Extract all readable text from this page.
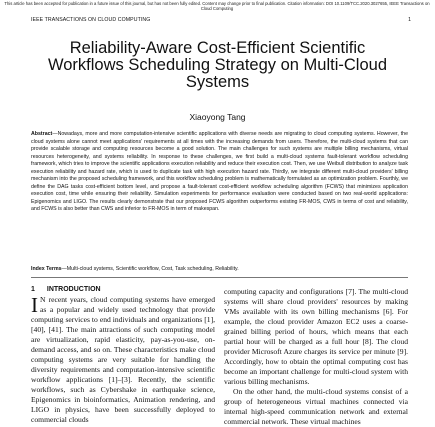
This article has been accepted for publication in a future issue of this journal, but has not been fully edited. Content may change prior to final publication. Citation information: DOI 10.1109/TCC.2020.3027655, IEEE Transactions on Cloud Computing
IEEE TRANSACTIONS ON CLOUD COMPUTING	1
Reliability-Aware Cost-Efficient Scientific Workflows Scheduling Strategy on Multi-Cloud Systems
Xiaoyong Tang

Abstract—Nowadays, more and more computation-intensive scientific applications with diverse needs are migrating to cloud computing systems. However, the cloud systems alone cannot meet applications' requirements at all times with the increasing demands from users. Therefore, the multi-cloud systems that can provide scalable storage and computing resources become a good solution. The main challenges for such systems are multiple billing mechanisms, virtual resources heterogeneity, and systems reliability. In response to these challenges, we first build a multi-cloud systems fault-tolerant workflow scheduling framework, which tries to improve the scientific applications execution reliability and reduce their execution cost. Then, we use Weibull distribution to analyze task execution reliability and hazard rate, which is used to duplicate task with high execution hazard rate. Thirdly, we integrate different multi-cloud providers' billing mechanism into the proposed scheduling framework, and this workflow scheduling problem is mathematically formulated as an optimization problem. Fourthly, we define the DAG tasks cost-efficient bottom level, and propose a fault-tolerant cost-efficient workflow scheduling algorithm (FCWS) that minimizes application execution cost, time while ensuring their reliability. Simulation experiments for performance evaluation were conducted based on two real-world applications: Epigenomics and LIGO. The results clearly demonstrate that our proposed FCWS algorithm outperforms existing FR-MOS, CWS in terms of cost and reliability, and FCWS is also better than CWS and inferior to FR-MOS in term of makespan.

Index Terms—Multi-cloud systems, Scientific workflow, Cost, Task scheduling, Reliability.

1 INTRODUCTION

I N recent years, cloud computing systems have emerged as a popular and widely used technology that provide computing services to end individuals and organizations [1], [40], [41]. The main attractions of such computing model are virtualization, rapid elasticity, pay-as-you-use, on-demand access, and so on. These characteristics make cloud computing systems are very suitable for handling the diversity requirements and computation-intensive scientific workflow applications [1]–[3]. Recently, the scientific workflows, such as Cybershake in earthquake science, Epigenomics in bioinformatics, Animation rendering, and LIGO in physics, have been successfully deployed to commercial clouds

computing capacity and configurations [7]. The multi-cloud systems will share cloud providers' resources by making VMs available with its own billing mechanisms [6]. For example, the cloud provider Amazon EC2 uses a coarse-grained billing period of hours, which means that each partial hour will be charged as a full hour [8]. The cloud provider Microsoft Azure charges its service per minute [9]. Accordingly, how to obtain the optimal computing cost has become an important challenge for multi-cloud system with various billing mechanisms.

On the other hand, the multi-cloud systems consist of a group of heterogeneous virtual machines connected via internal high-speed communication network and external commercial network. These virtual machines
